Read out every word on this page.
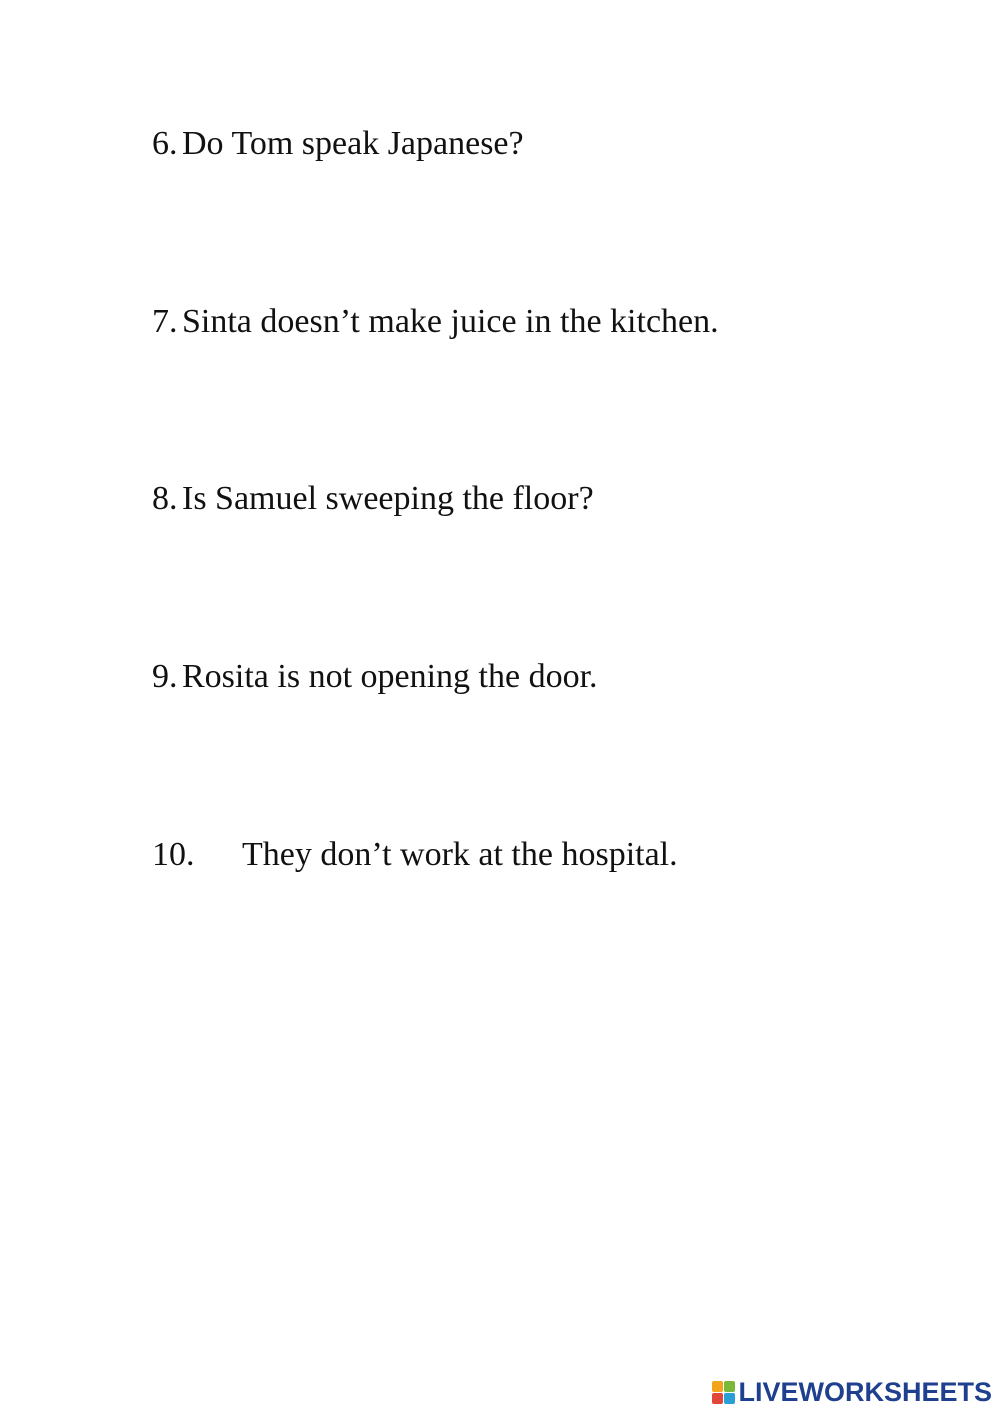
6. Do Tom speak Japanese?
7. Sinta doesn’t make juice in the kitchen.
8. Is Samuel sweeping the floor?
9. Rosita is not opening the door.
10. They don’t work at the hospital.
LIVEWORKSHEETS
